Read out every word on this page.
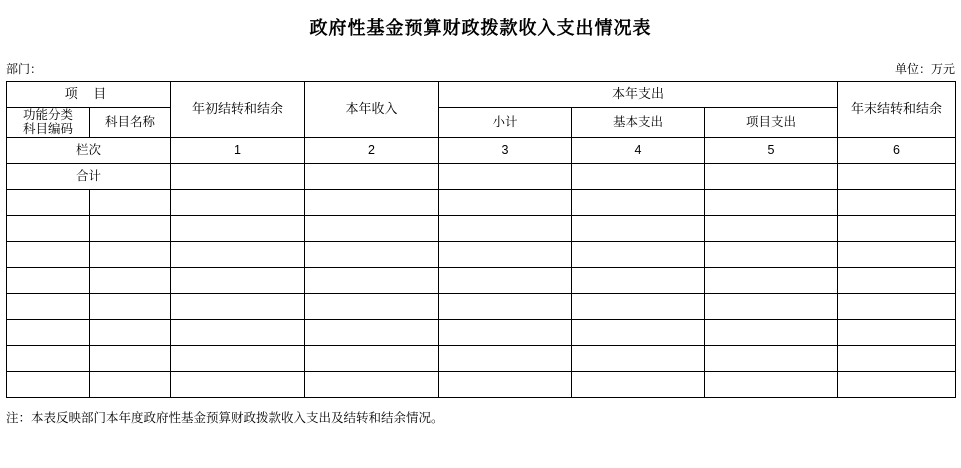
政府性基金预算财政拨款收入支出情况表
部门：	单位：万元
项 目		年初结转和结余	本年收入	本年支出			年末结转和结余

功能分类
科目编码	科目名称			小计	基本支出	项目支出	
栏次		1	2	3	4	5	6
合计							

注：本表反映部门本年度政府性基金预算财政拨款收入支出及结转和结余情况。
